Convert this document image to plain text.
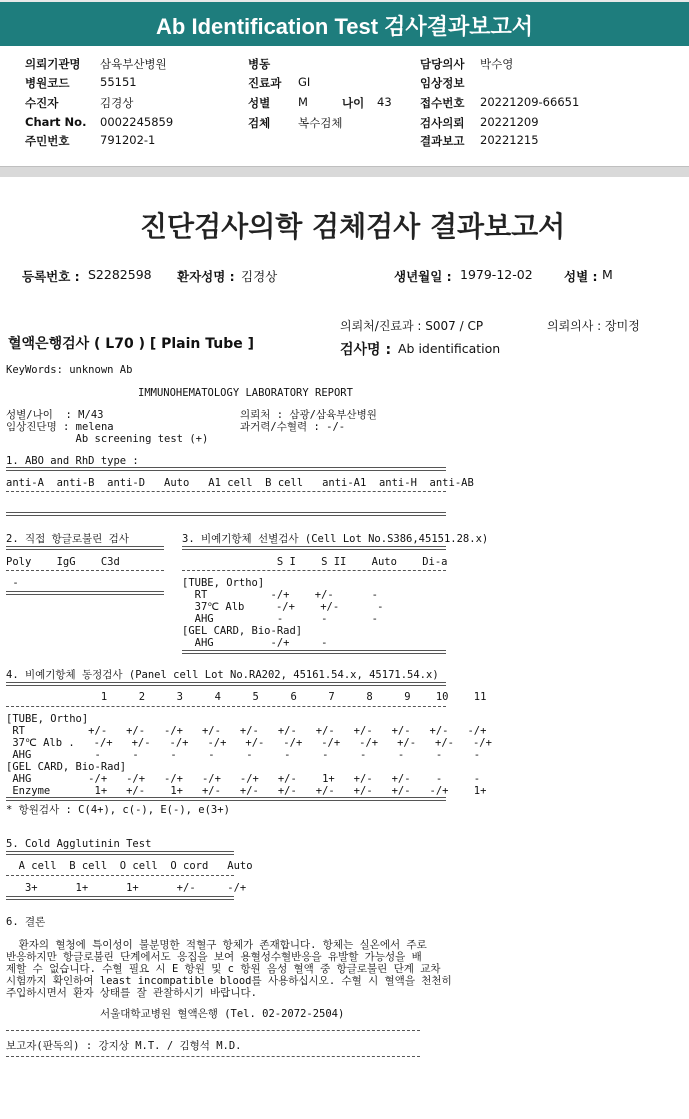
Ab Identification Test 검사결과보고서
의뢰기관명 삼육부산병원	병동	담당의사 박수영
병원코드	55151	진료과 GI	임상정보
수진자	김경상	성별 M	나이 43 접수번호 20221209-66651
Chart No. 0002245859	검체 복수검체	검사의뢰 20221209
주민번호	791202-1	결과보고 20221215
진단검사의학 검체검사 결과보고서
등록번호 : S2282598 환자성명 : 김경상	생년월일 : 1979-12-02	성별 : M
의뢰처/진료과 : S007 / CP	의뢰의사 : 장미정
혈액은행검사 ( L70 ) [ Plain Tube ]	검사명 : Ab identification
KeyWords: unknown Ab
IMMUNOHEMATOLOGY LABORATORY REPORT
성별/나이  : M/43	의뢰처 : 삼광/삼육부산병원
임상진단명 : melena	과거력/수혈력 : -/-
Ab screening test (+)
1. ABO and RhD type :
anti-A  anti-B  anti-D   Auto   A1 cell  B cell   anti-A1  anti-H  anti-AB
2. 직접 항글로불린 검사
Poly    IgG    C3d
-
3. 비예기항체 선별검사 (Cell Lot No.S386,45151.28.x)
S I    S II    Auto    Di-a
[TUBE, Ortho]
RT          -/+    +/-      -
37℃ Alb     -/+    +/-      -
AHG          -      -       -
[GEL CARD, Bio-Rad]
AHG         -/+     -
4. 비예기항체 동정검사 (Panel cell Lot No.RA202, 45161.54.x, 45171.54.x)
1     2     3     4     5     6     7     8     9    10    11
[TUBE, Ortho]
RT          +/-   +/-   -/+   +/-   +/-   +/-   +/-   +/-   +/-   +/-   -/+
37℃ Alb .   -/+   +/-   -/+   -/+   +/-   -/+   -/+   -/+   +/-   +/-   -/+
AHG          -     -     -     -     -     -     -     -     -     -     -
[GEL CARD, Bio-Rad]
AHG         -/+   -/+   -/+   -/+   -/+   +/-    1+   +/-   +/-    -     -
Enzyme       1+   +/-    1+   +/-   +/-   +/-   +/-   +/-   +/-   -/+    1+
* 항원검사 : C(4+), c(-), E(-), e(3+)
5. Cold Agglutinin Test
A cell  B cell  O cell  O cord   Auto
3+      1+      1+      +/-     -/+
6. 결론
환자의 혈청에 특이성이 불분명한 적혈구 항체가 존재합니다. 항체는 실온에서 주로
반응하지만 항글로불린 단계에서도 응집을 보여 용혈성수혈반응을 유발할 가능성을 배
제할 수 없습니다. 수혈 필요 시 E 항원 및 c 항원 음성 혈액 중 항글로불린 단계 교차
시험까지 확인하여 least incompatible blood를 사용하십시오. 수혈 시 혈액을 천천히
주입하시면서 환자 상태를 잘 관찰하시기 바랍니다.
서울대학교병원 혈액은행 (Tel. 02-2072-2504)
보고자(판독의) : 강지상 M.T. / 김형석 M.D.
